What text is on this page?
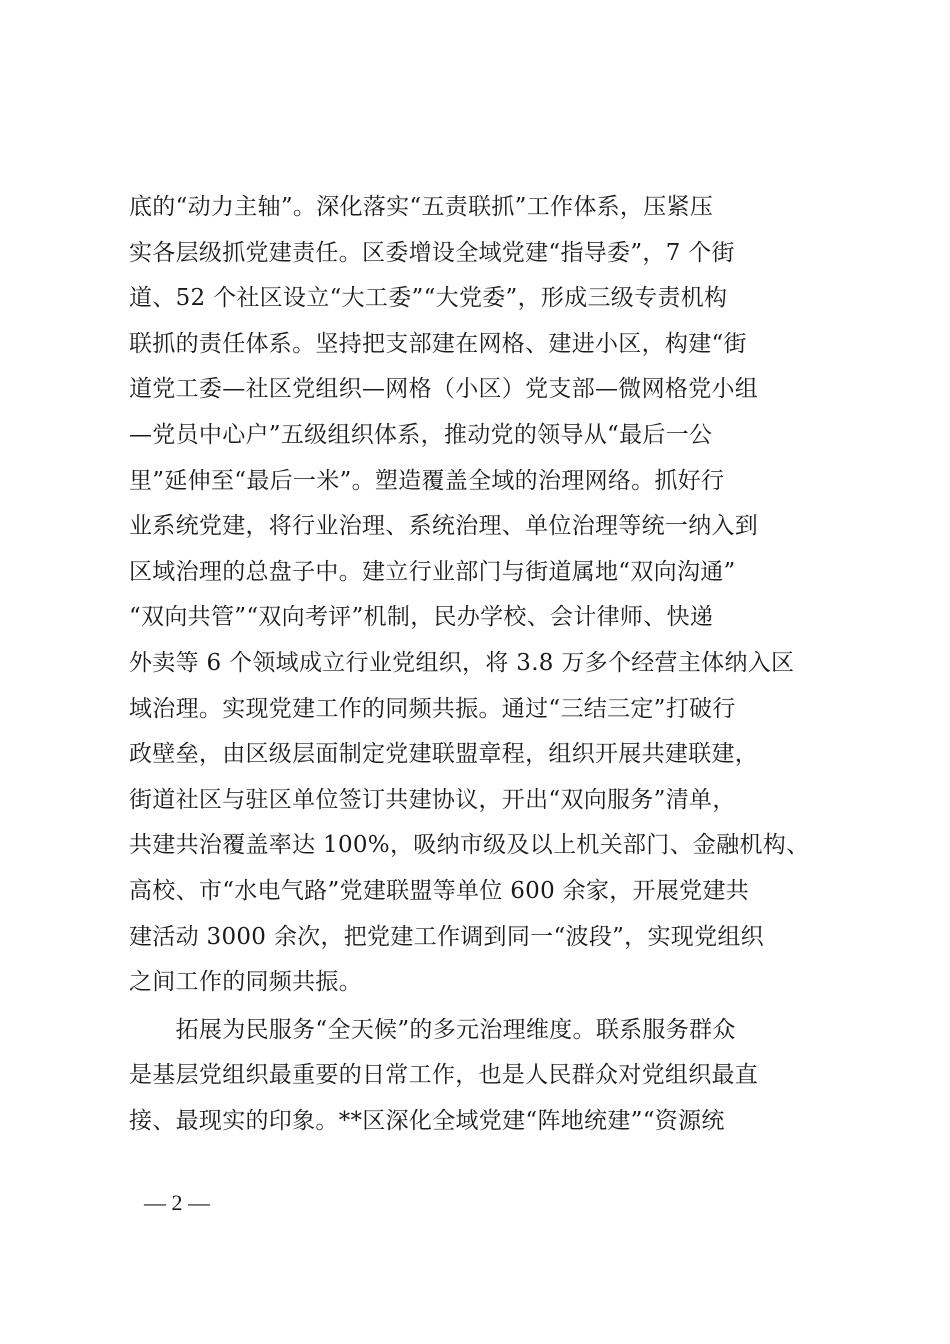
底的“动力主轴”。深化落实“五责联抓”工作体系，压紧压
实各层级抓党建责任。区委增设全域党建“指导委”，7 个街
道、52 个社区设立“大工委”“大党委”，形成三级专责机构
联抓的责任体系。坚持把支部建在网格、建进小区，构建“街
道党工委—社区党组织—网格（小区）党支部—微网格党小组
—党员中心户”五级组织体系，推动党的领导从“最后一公
里”延伸至“最后一米”。塑造覆盖全域的治理网络。抓好行
业系统党建，将行业治理、系统治理、单位治理等统一纳入到
区域治理的总盘子中。建立行业部门与街道属地“双向沟通”
“双向共管”“双向考评”机制，民办学校、会计律师、快递
外卖等 6 个领域成立行业党组织，将 3.8 万多个经营主体纳入区
域治理。实现党建工作的同频共振。通过“三结三定”打破行
政壁垒，由区级层面制定党建联盟章程，组织开展共建联建，
街道社区与驻区单位签订共建协议，开出“双向服务”清单，
共建共治覆盖率达 100%，吸纳市级及以上机关部门、金融机构、
高校、市“水电气路”党建联盟等单位 600 余家，开展党建共
建活动 3000 余次，把党建工作调到同一“波段”，实现党组织
之间工作的同频共振。
　　拓展为民服务“全天候”的多元治理维度。联系服务群众
是基层党组织最重要的日常工作，也是人民群众对党组织最直
接、最现实的印象。**区深化全域党建“阵地统建”“资源统
— 2 —
